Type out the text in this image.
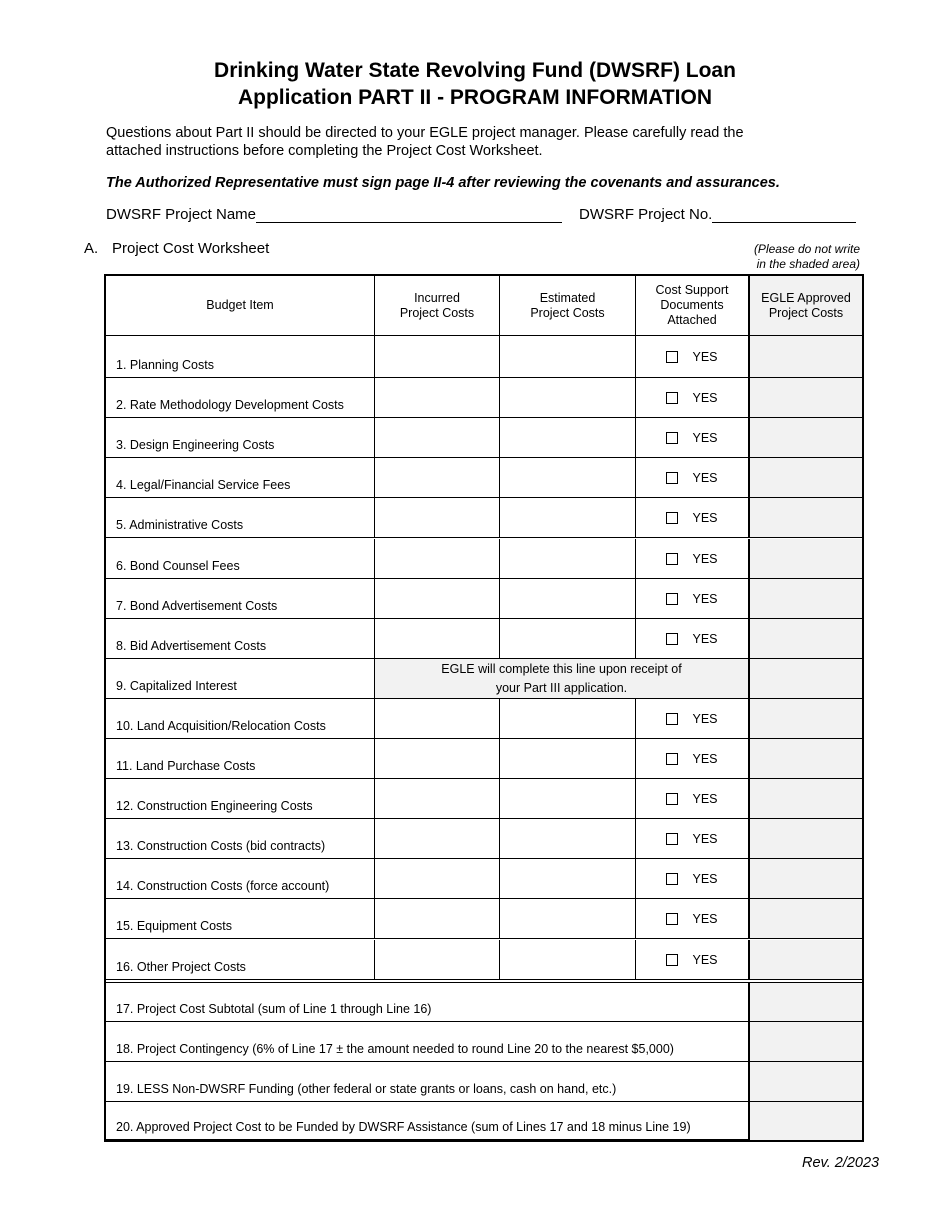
Drinking Water State Revolving Fund (DWSRF) Loan
Application PART II - PROGRAM INFORMATION
Questions about Part II should be directed to your EGLE project manager. Please carefully read the
attached instructions before completing the Project Cost Worksheet.
The Authorized Representative must sign page II-4 after reviewing the covenants and assurances.
DWSRF Project Name	DWSRF Project No.
A. Project Cost Worksheet	(Please do not write
in the shaded area)
Budget Item
Incurred
Project Costs
Estimated
Project Costs
Cost Support
Documents
Attached
EGLE Approved
Project Costs
1. Planning Costs
YES
2. Rate Methodology Development Costs
YES
3. Design Engineering Costs
YES
4. Legal/Financial Service Fees
YES
5. Administrative Costs
YES
6. Bond Counsel Fees
YES
7. Bond Advertisement Costs
YES
8. Bid Advertisement Costs
YES
9. Capitalized Interest
EGLE will complete this line upon receipt of
your Part III application.
10. Land Acquisition/Relocation Costs
YES
11. Land Purchase Costs
YES
12. Construction Engineering Costs
YES
13. Construction Costs (bid contracts)
YES
14. Construction Costs (force account)
YES
15. Equipment Costs
YES
16. Other Project Costs
YES
17. Project Cost Subtotal (sum of Line 1 through Line 16)
18. Project Contingency (6% of Line 17 ± the amount needed to round Line 20 to the nearest $5,000)
19. LESS Non-DWSRF Funding (other federal or state grants or loans, cash on hand, etc.)
20. Approved Project Cost to be Funded by DWSRF Assistance (sum of Lines 17 and 18 minus Line 19)
Rev. 2/2023
